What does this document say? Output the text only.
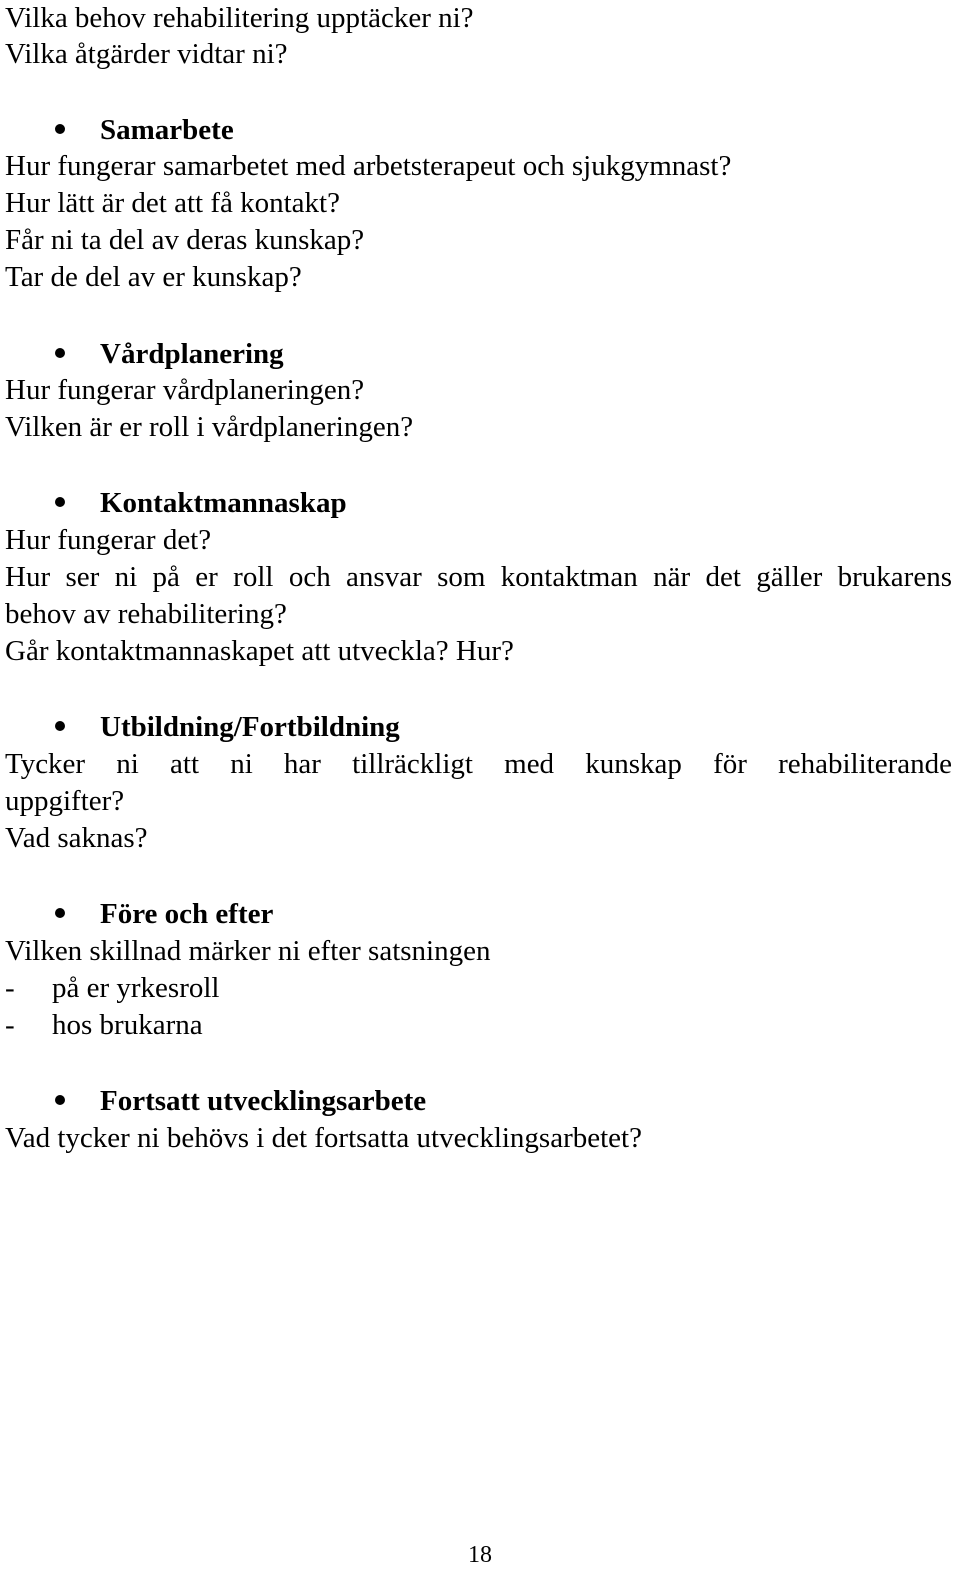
Vilka behov rehabilitering upptäcker ni?
Vilka åtgärder vidtar ni?
Samarbete
Hur fungerar samarbetet med arbetsterapeut och sjukgymnast?
Hur lätt är det att få kontakt?
Får ni ta del av deras kunskap?
Tar de del av er kunskap?
Vårdplanering
Hur fungerar vårdplaneringen?
Vilken är er roll i vårdplaneringen?
Kontaktmannaskap
Hur fungerar det?
Hur ser ni på er roll och ansvar som kontaktman när det gäller brukarens
behov av rehabilitering?
Går kontaktmannaskapet att utveckla? Hur?
Utbildning/Fortbildning
Tycker ni att ni har tillräckligt med kunskap för rehabiliterande
uppgifter?
Vad saknas?
Före och efter
Vilken skillnad märker ni efter satsningen
- på er yrkesroll
- hos brukarna
Fortsatt utvecklingsarbete
Vad tycker ni behövs i det fortsatta utvecklingsarbetet?
18
